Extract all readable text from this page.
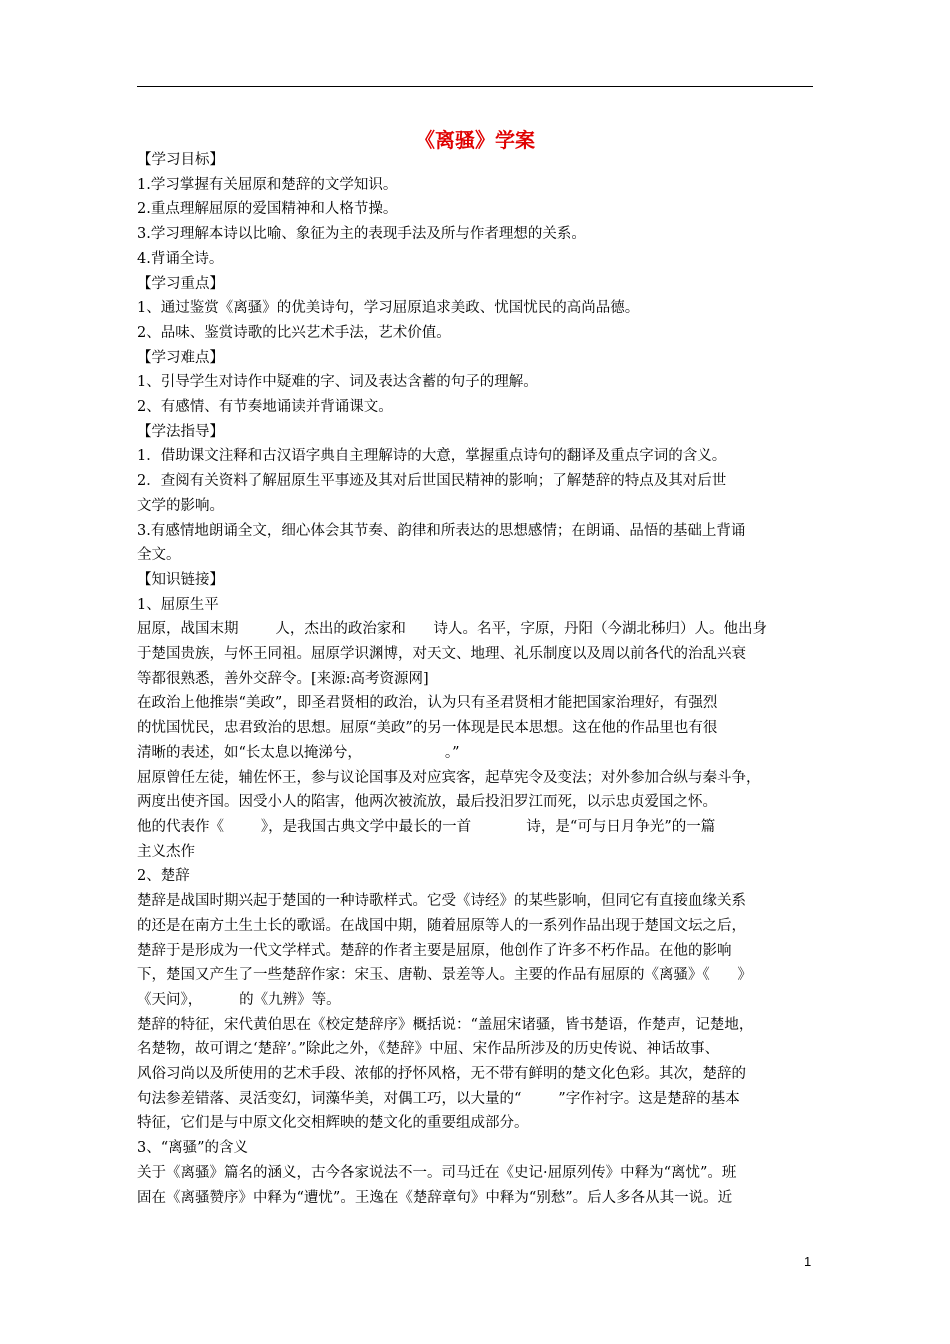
《离骚》学案

【学习目标】

1.学习掌握有关屈原和楚辞的文学知识。

2.重点理解屈原的爱国精神和人格节操。

3.学习理解本诗以比喻、象征为主的表现手法及所与作者理想的关系。

4.背诵全诗。

【学习重点】

1、通过鉴赏《离骚》的优美诗句，学习屈原追求美政、忧国忧民的高尚品德。

2、品味、鉴赏诗歌的比兴艺术手法，艺术价值。

【学习难点】

1、引导学生对诗作中疑难的字、词及表达含蓄的句子的理解。

2、有感情、有节奏地诵读并背诵课文。

【学法指导】

1．借助课文注释和古汉语字典自主理解诗的大意，掌握重点诗句的翻译及重点字词的含义。

2．查阅有关资料了解屈原生平事迹及其对后世国民精神的影响；了解楚辞的特点及其对后世

文学的影响。

3.有感情地朗诵全文，细心体会其节奏、韵律和所表达的思想感情；在朗诵、品悟的基础上背诵

全文。

【知识链接】

1、屈原生平

屈原，战国末期        人，杰出的政治家和      诗人。名平，字原，丹阳（今湖北秭归）人。他出身

于楚国贵族，与怀王同祖。屈原学识渊博，对天文、地理、礼乐制度以及周以前各代的治乱兴衰

等都很熟悉，善外交辞令。[来源:高考资源网]

在政治上他推崇“美政”，即圣君贤相的政治，认为只有圣君贤相才能把国家治理好，有强烈

的忧国忧民，忠君致治的思想。屈原“美政”的另一体现是民本思想。这在他的作品里也有很

清晰的表述，如“长太息以掩涕兮，                  。”

屈原曾任左徒，辅佐怀王，参与议论国事及对应宾客，起草宪令及变法；对外参加合纵与秦斗争，

两度出使齐国。因受小人的陷害，他两次被流放，最后投汨罗江而死，以示忠贞爱国之怀。

他的代表作《        》，是我国古典文学中最长的一首            诗，是“可与日月争光”的一篇

主义杰作

2、楚辞

楚辞是战国时期兴起于楚国的一种诗歌样式。它受《诗经》的某些影响，但同它有直接血缘关系

的还是在南方土生土长的歌谣。在战国中期，随着屈原等人的一系列作品出现于楚国文坛之后，

楚辞于是形成为一代文学样式。楚辞的作者主要是屈原，他创作了许多不朽作品。在他的影响

下，楚国又产生了一些楚辞作家：宋玉、唐勒、景差等人。主要的作品有屈原的《离骚》《      》

《天问》，        的《九辨》等。

楚辞的特征，宋代黄伯思在《校定楚辞序》概括说：“盖屈宋诸骚，皆书楚语，作楚声，记楚地，

名楚物，故可谓之‘楚辞’。”除此之外，《楚辞》中屈、宋作品所涉及的历史传说、神话故事、

风俗习尚以及所使用的艺术手段、浓郁的抒怀风格，无不带有鲜明的楚文化色彩。其次，楚辞的

句法参差错落、灵活变幻，词藻华美，对偶工巧，以大量的“        ”字作衬字。这是楚辞的基本

特征，它们是与中原文化交相辉映的楚文化的重要组成部分。

3、“离骚”的含义

关于《离骚》篇名的涵义，古今各家说法不一。司马迁在《史记·屈原列传》中释为“离忧”。班

固在《离骚赞序》中释为“遭忧”。王逸在《楚辞章句》中释为“别愁”。后人多各从其一说。近

1
